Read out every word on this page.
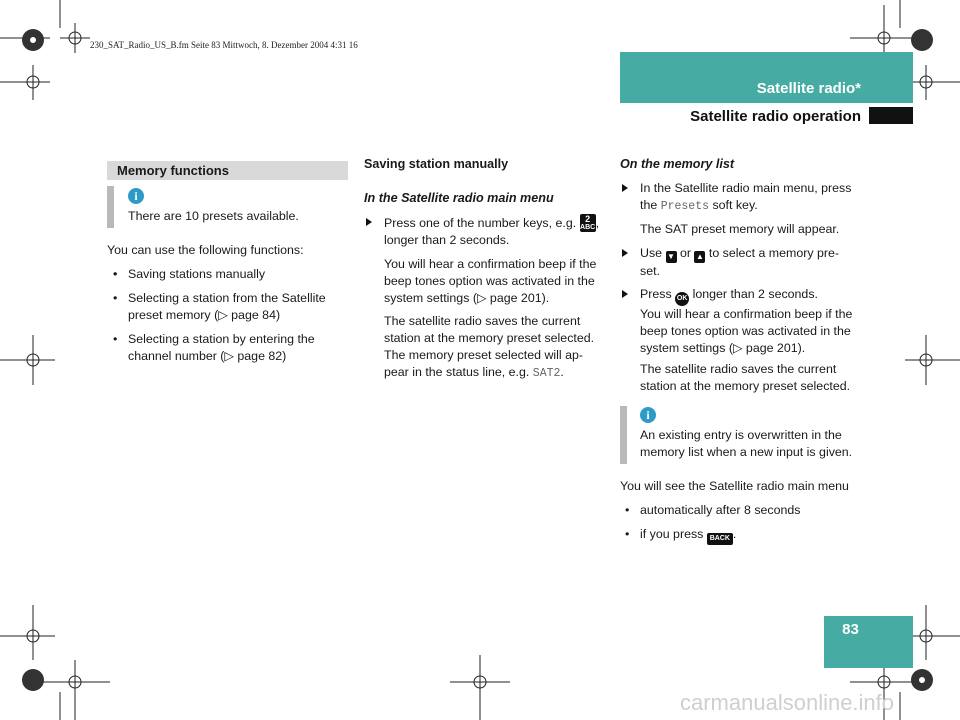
230_SAT_Radio_US_B.fm Seite 83 Mittwoch, 8. Dezember 2004 4:31 16
Satellite radio*
Satellite radio operation
Memory functions
i
There are 10 presets available.
You can use the following functions:
Saving stations manually
Selecting a station from the Satellite
preset memory (▷ page 84)
Selecting a station by entering the
channel number (▷ page 82)
Saving station manually
In the Satellite radio main menu
Press one of the number keys, e.g. 2
ABC,
longer than 2 seconds.
You will hear a confirmation beep if the
beep tones option was activated in the
system settings (▷ page 201).
The satellite radio saves the current
station at the memory preset selected.
The memory preset selected will ap-
pear in the status line, e.g. SAT2.
On the memory list
In the Satellite radio main menu, press
the Presets soft key.
The SAT preset memory will appear.
Use ▼ or ▲ to select a memory pre-
set.
Press OK longer than 2 seconds.
You will hear a confirmation beep if the
beep tones option was activated in the
system settings (▷ page 201).
The satellite radio saves the current
station at the memory preset selected.
i
An existing entry is overwritten in the
memory list when a new input is given.
You will see the Satellite radio main menu
automatically after 8 seconds
if you press BACK .
83
carmanualsonline.info
